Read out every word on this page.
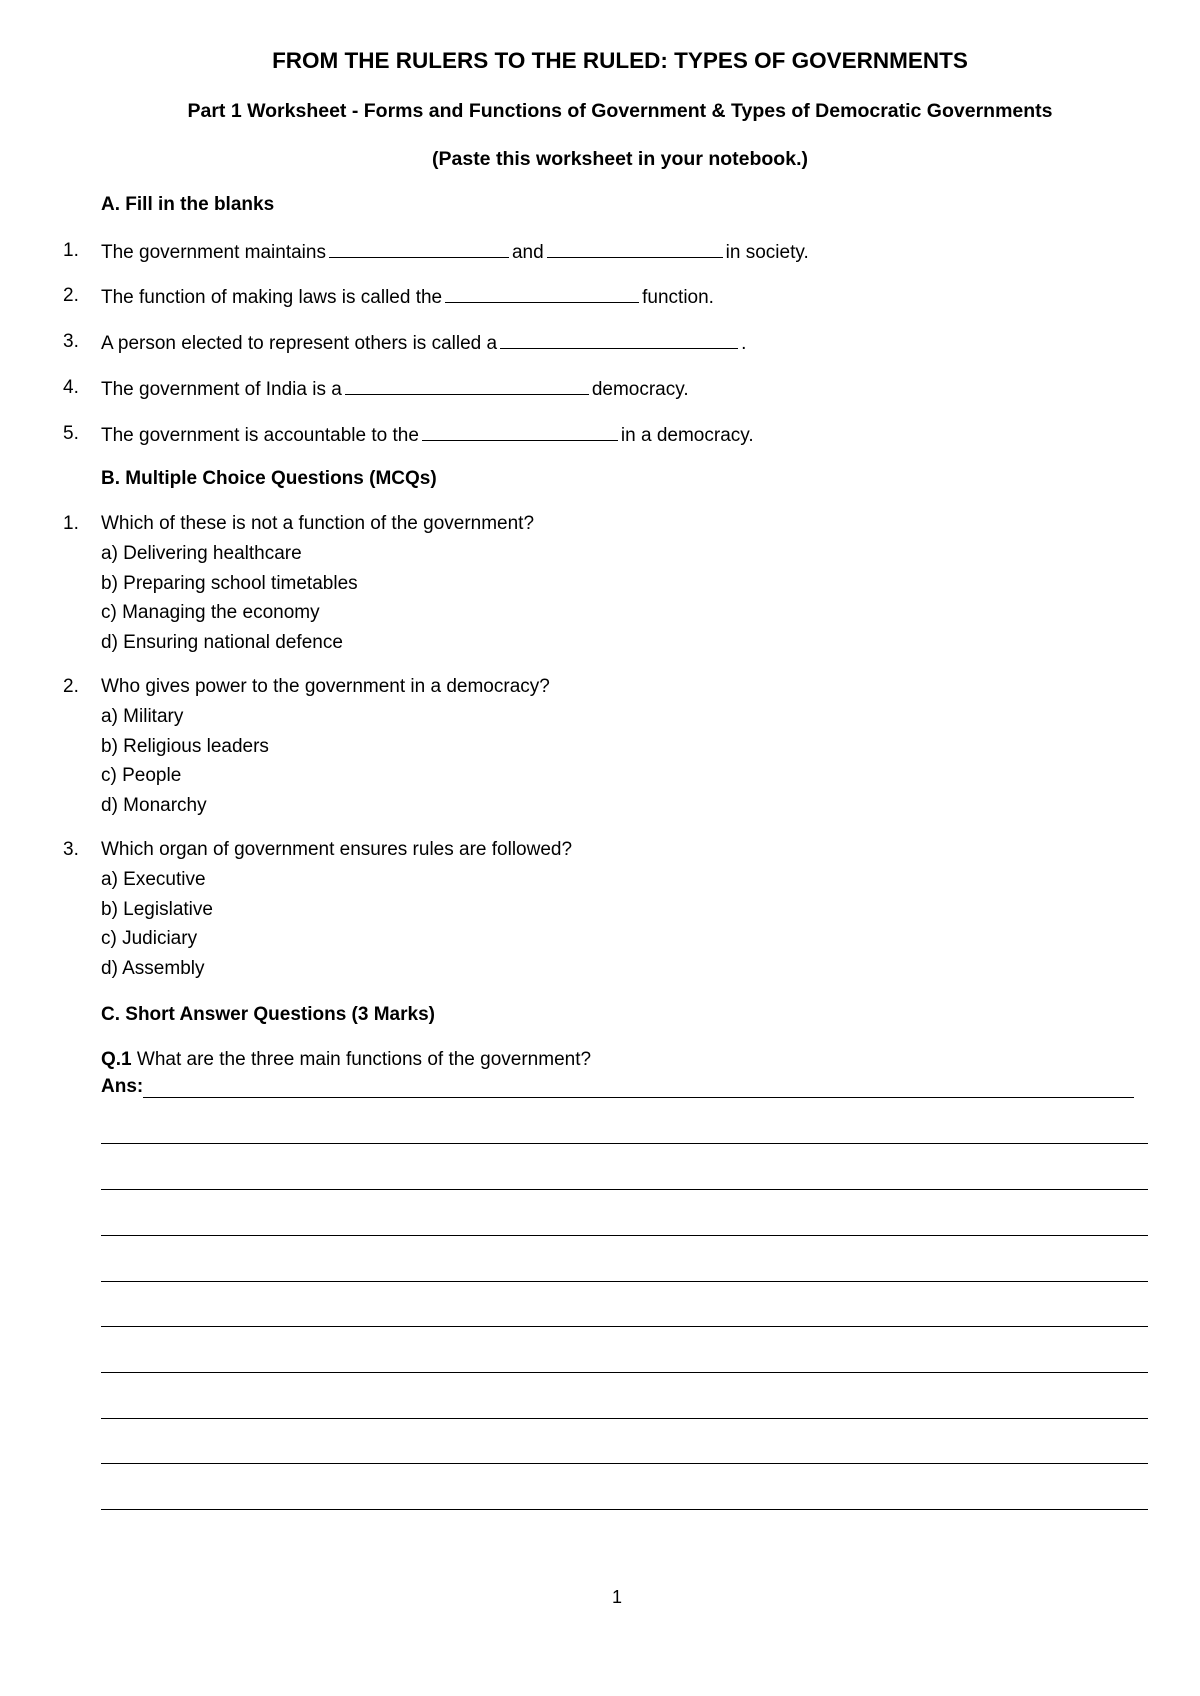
FROM THE RULERS TO THE RULED: TYPES OF GOVERNMENTS
Part 1 Worksheet - Forms and Functions of Government & Types of Democratic Governments
(Paste this worksheet in your notebook.)
A. Fill in the blanks
1. The government maintains	and	in society.
2. The function of making laws is called the	function.
3. A person elected to represent others is called a	.
4. The government of India is a	democracy.
5. The government is accountable to the	in a democracy.
B. Multiple Choice Questions (MCQs)
1. Which of these is not a function of the government?
a) Delivering healthcare
b) Preparing school timetables
c) Managing the economy
d) Ensuring national defence
2. Who gives power to the government in a democracy?
a) Military
b) Religious leaders
c) People
d) Monarchy
3. Which organ of government ensures rules are followed?
a) Executive
b) Legislative
c) Judiciary
d) Assembly
C. Short Answer Questions (3 Marks)
Q.1 What are the three main functions of the government?
Ans:
1
